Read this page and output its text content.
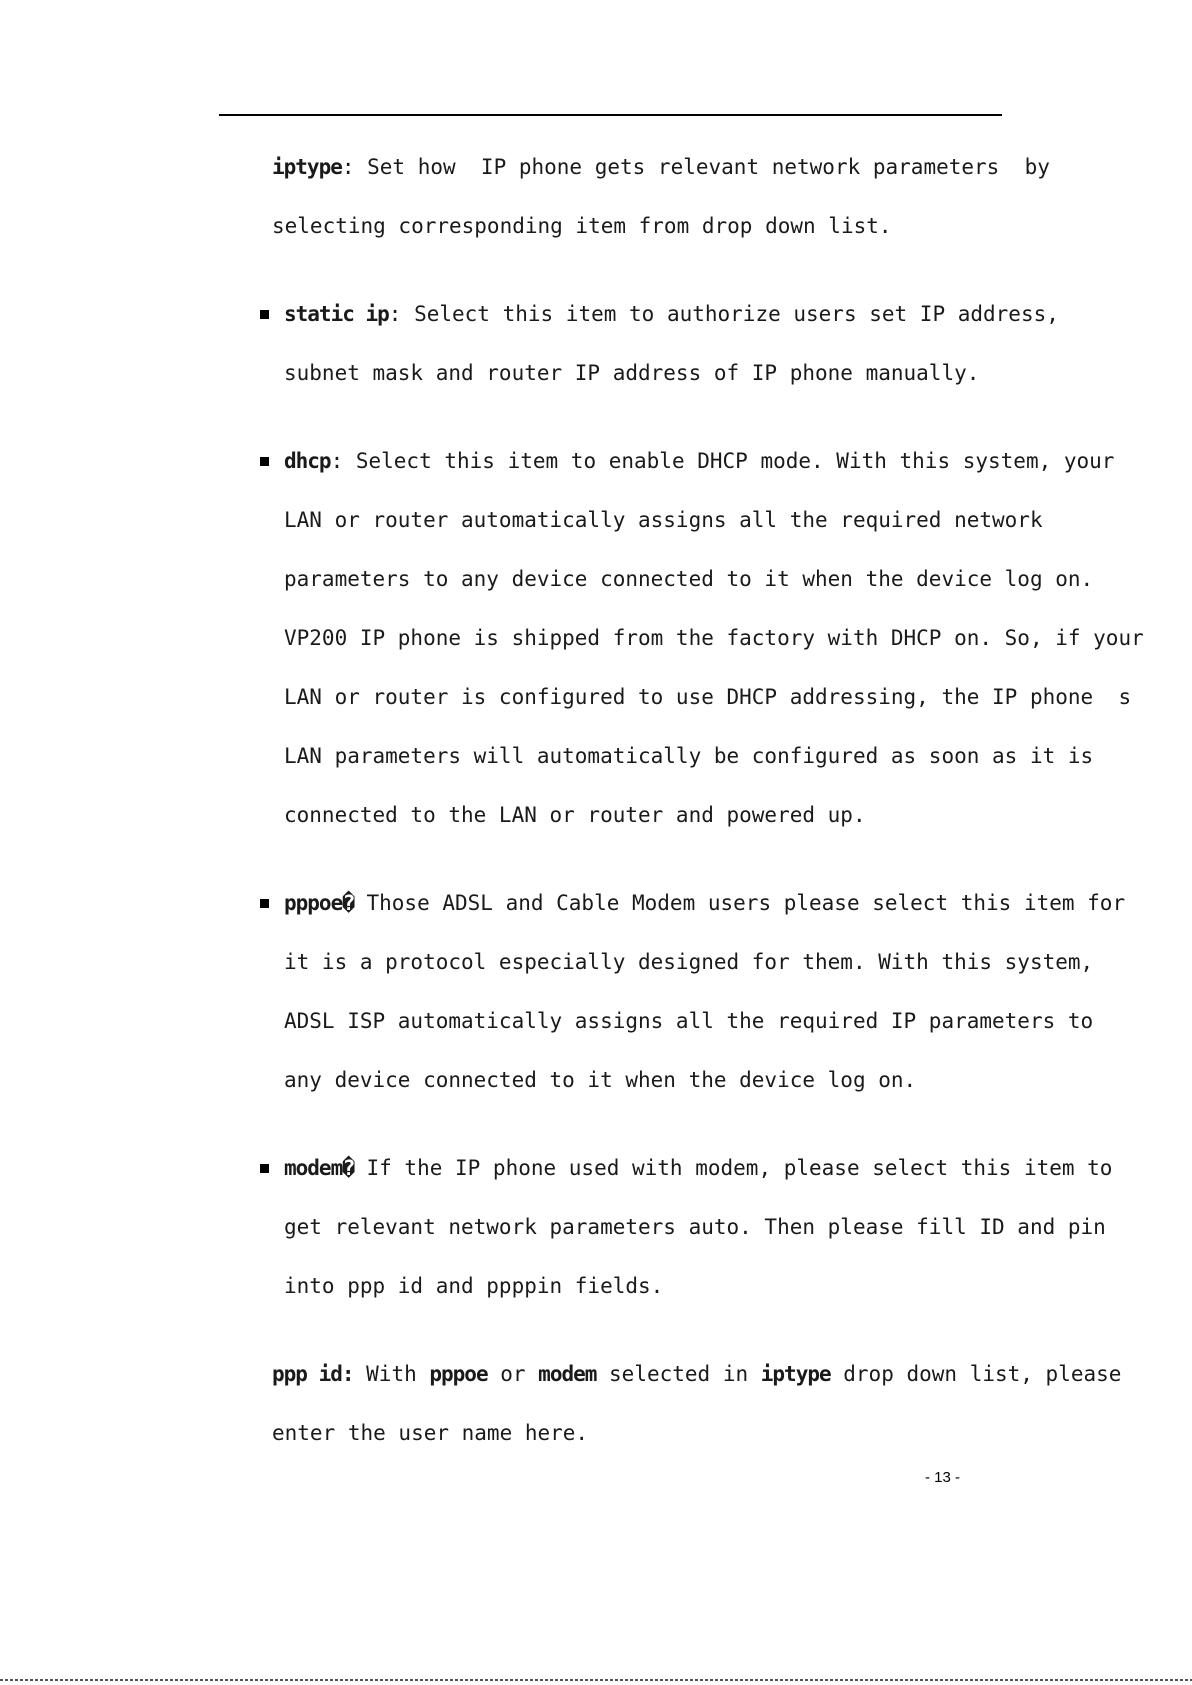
iptype: Set how  IP phone gets relevant network parameters  by
selecting corresponding item from drop down list.
static ip: Select this item to authorize users set IP address,
subnet mask and router IP address of IP phone manually.
dhcp: Select this item to enable DHCP mode. With this system, your
LAN or router automatically assigns all the required network
parameters to any device connected to it when the device log on.
VP200 IP phone is shipped from the factory with DHCP on. So, if your
LAN or router is configured to use DHCP addressing, the IP phone s
LAN parameters will automatically be configured as soon as it is
connected to the LAN or router and powered up.
pppoe� Those ADSL and Cable Modem users please select this item for
it is a protocol especially designed for them. With this system,
ADSL ISP automatically assigns all the required IP parameters to
any device connected to it when the device log on.
modem� If the IP phone used with modem, please select this item to
get relevant network parameters auto. Then please fill ID and pin
into ppp id and ppppin fields.
ppp id: With pppoe or modem selected in iptype drop down list, please
enter the user name here.
- 13 -
